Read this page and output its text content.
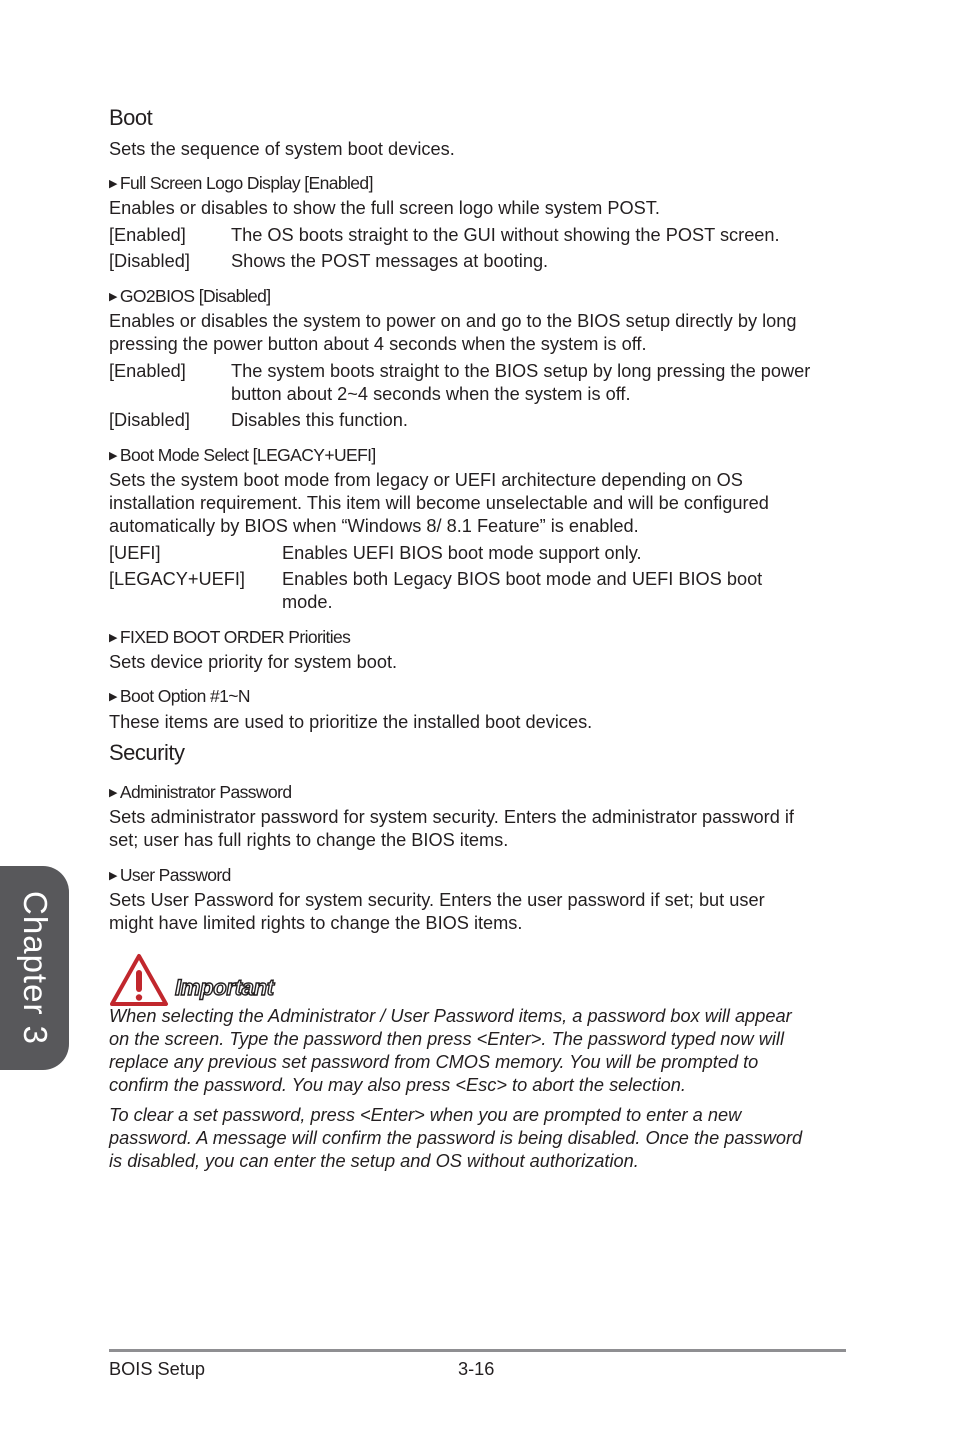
Chapter 3
Boot
Sets the sequence of system boot devices.
▶ Full Screen Logo Display [Enabled]
Enables or disables to show the full screen logo while system POST.
[Enabled] The OS boots straight to the GUI without showing the POST screen.
[Disabled] Shows the POST messages at booting.
▶ GO2BIOS [Disabled]
Enables or disables the system to power on and go to the BIOS setup directly by long
pressing the power button about 4 seconds when the system is off.
[Enabled] The system boots straight to the BIOS setup by long pressing the power
button about 2~4 seconds when the system is off.
[Disabled] Disables this function.
▶ Boot Mode Select [LEGACY+UEFI]
Sets the system boot mode from legacy or UEFI architecture depending on OS
installation requirement. This item will become unselectable and will be configured
automatically by BIOS when “Windows 8/ 8.1 Feature” is enabled.
[UEFI]	Enables UEFI BIOS boot mode support only.
[LEGACY+UEFI] Enables both Legacy BIOS boot mode and UEFI BIOS boot
mode.
▶ FIXED BOOT ORDER Priorities
Sets device priority for system boot.
▶ Boot Option #1~N
These items are used to prioritize the installed boot devices.
Security
▶ Administrator Password
Sets administrator password for system security. Enters the administrator password if
set; user has full rights to change the BIOS items.
▶ User Password
Sets User Password for system security. Enters the user password if set; but user
might have limited rights to change the BIOS items.
Important
When selecting the Administrator / User Password items, a password box will appear
on the screen. Type the password then press <Enter>. The password typed now will
replace any previous set password from CMOS memory. You will be prompted to
confirm the password. You may also press <Esc> to abort the selection.
To clear a set password, press <Enter> when you are prompted to enter a new
password. A message will confirm the password is being disabled. Once the password
is disabled, you can enter the setup and OS without authorization.
BOIS Setup	3-16
